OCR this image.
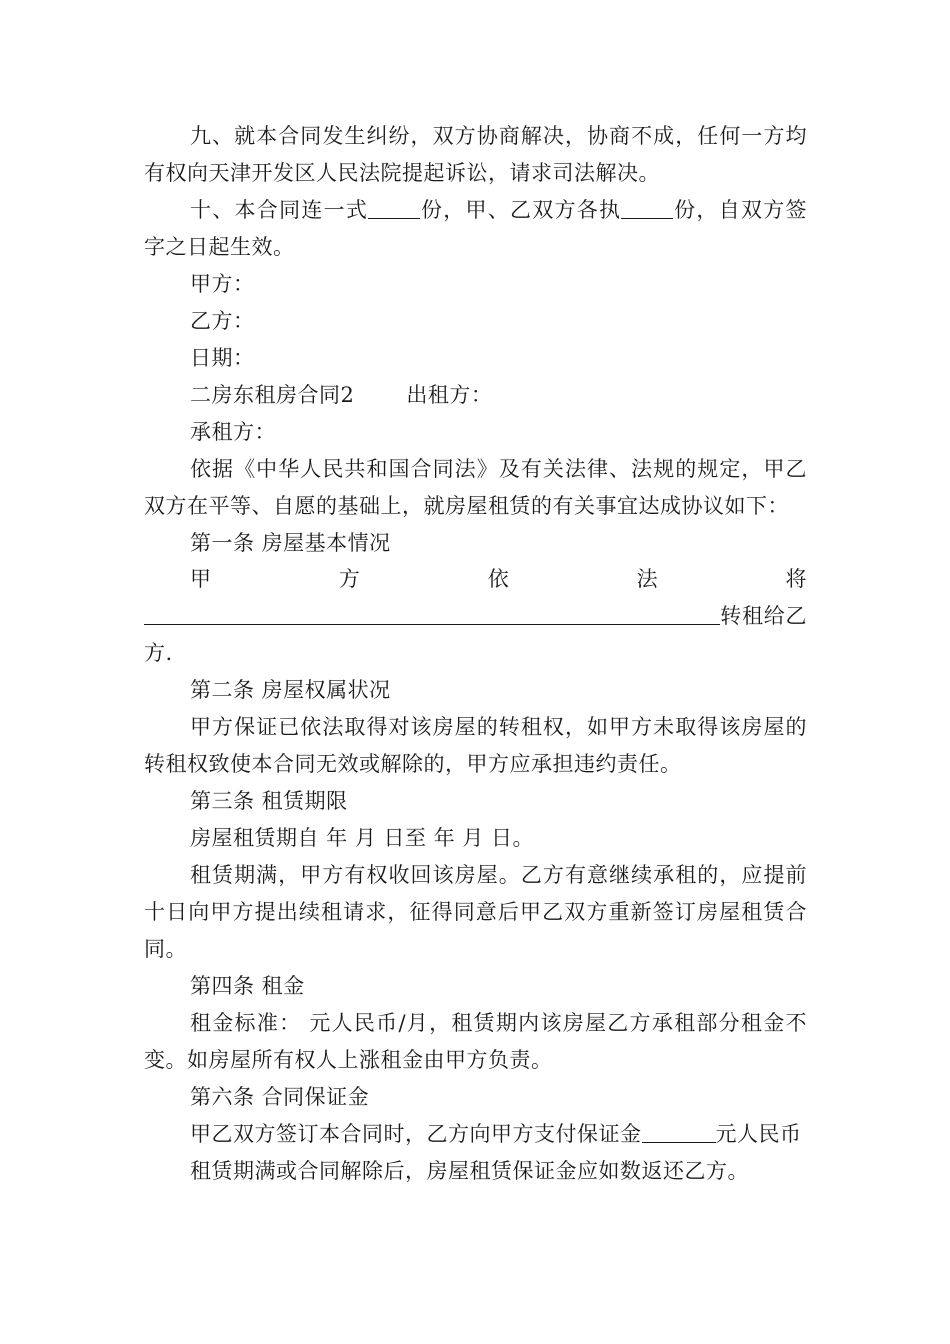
九、就本合同发生纠纷，双方协商解决，协商不成，任何一方均有权向天津开发区人民法院提起诉讼，请求司法解决。

十、本合同连一式 份，甲、乙双方各执 份，自双方签字之日起生效。

甲方：

乙方：

日期：

二房东租房合同2 出租方：

承租方：

依据《中华人民共和国合同法》及有关法律、法规的规定，甲乙双方在平等、自愿的基础上，就房屋租赁的有关事宜达成协议如下：

第一条 房屋基本情况

甲方依法将转租给乙方.

第二条 房屋权属状况

甲方保证已依法取得对该房屋的转租权，如甲方未取得该房屋的转租权致使本合同无效或解除的，甲方应承担违约责任。

第三条 租赁期限

房屋租赁期自 年 月 日至 年 月 日。

租赁期满，甲方有权收回该房屋。乙方有意继续承租的，应提前十日向甲方提出续租请求，征得同意后甲乙双方重新签订房屋租赁合同。

第四条 租金

租金标准： 元人民币/月，租赁期内该房屋乙方承租部分租金不变。如房屋所有权人上涨租金由甲方负责。

第六条 合同保证金

甲乙双方签订本合同时，乙方向甲方支付保证金	元人民币

租赁期满或合同解除后，房屋租赁保证金应如数返还乙方。
